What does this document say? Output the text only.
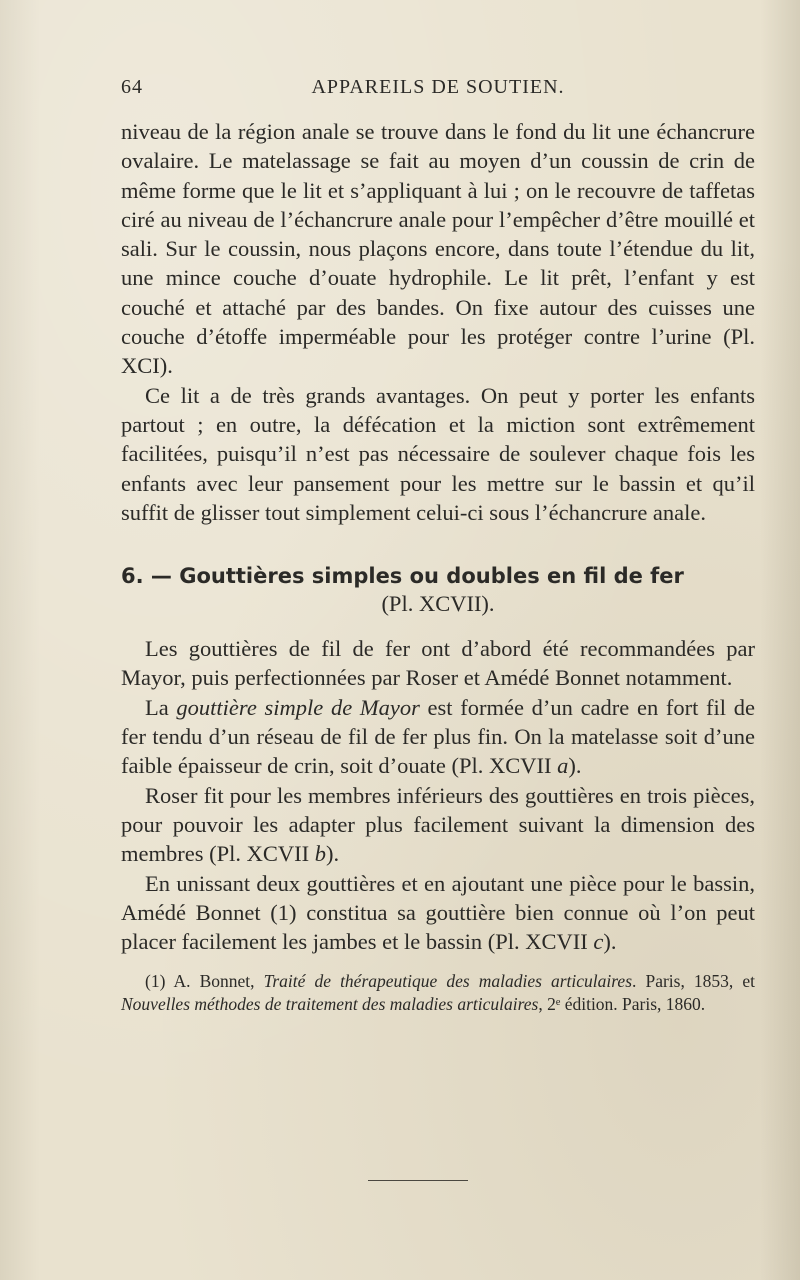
64	APPAREILS DE SOUTIEN.

niveau de la région anale se trouve dans le fond du lit une échancrure ovalaire. Le matelassage se fait au moyen d’un coussin de crin de même forme que le lit et s’appliquant à lui ; on le recouvre de taffetas ciré au niveau de l’échancrure anale pour l’empêcher d’être mouillé et sali. Sur le coussin, nous plaçons encore, dans toute l’étendue du lit, une mince couche d’ouate hydrophile. Le lit prêt, l’enfant y est couché et attaché par des bandes. On fixe autour des cuisses une couche d’étoffe imperméable pour les protéger contre l’urine (Pl. XCI).

Ce lit a de très grands avantages. On peut y porter les enfants partout ; en outre, la défécation et la miction sont extrêmement facilitées, puisqu’il n’est pas nécessaire de soulever chaque fois les enfants avec leur pansement pour les mettre sur le bassin et qu’il suffit de glisser tout simplement celui-ci sous l’échancrure anale.

6. — Gouttières simples ou doubles en fil de fer

(Pl. XCVII).

Les gouttières de fil de fer ont d’abord été recommandées par Mayor, puis perfectionnées par Roser et Amédé Bonnet notamment.

La gouttière simple de Mayor est formée d’un cadre en fort fil de fer tendu d’un réseau de fil de fer plus fin. On la matelasse soit d’une faible épaisseur de crin, soit d’ouate (Pl. XCVII a).

Roser fit pour les membres inférieurs des gouttières en trois pièces, pour pouvoir les adapter plus facilement suivant la dimension des membres (Pl. XCVII b).

En unissant deux gouttières et en ajoutant une pièce pour le bassin, Amédé Bonnet (1) constitua sa gouttière bien connue où l’on peut placer facilement les jambes et le bassin (Pl. XCVII c).

(1) A. Bonnet, Traité de thérapeutique des maladies articulaires. Paris, 1853, et Nouvelles méthodes de traitement des maladies articulaires, 2ᵉ édition. Paris, 1860.
